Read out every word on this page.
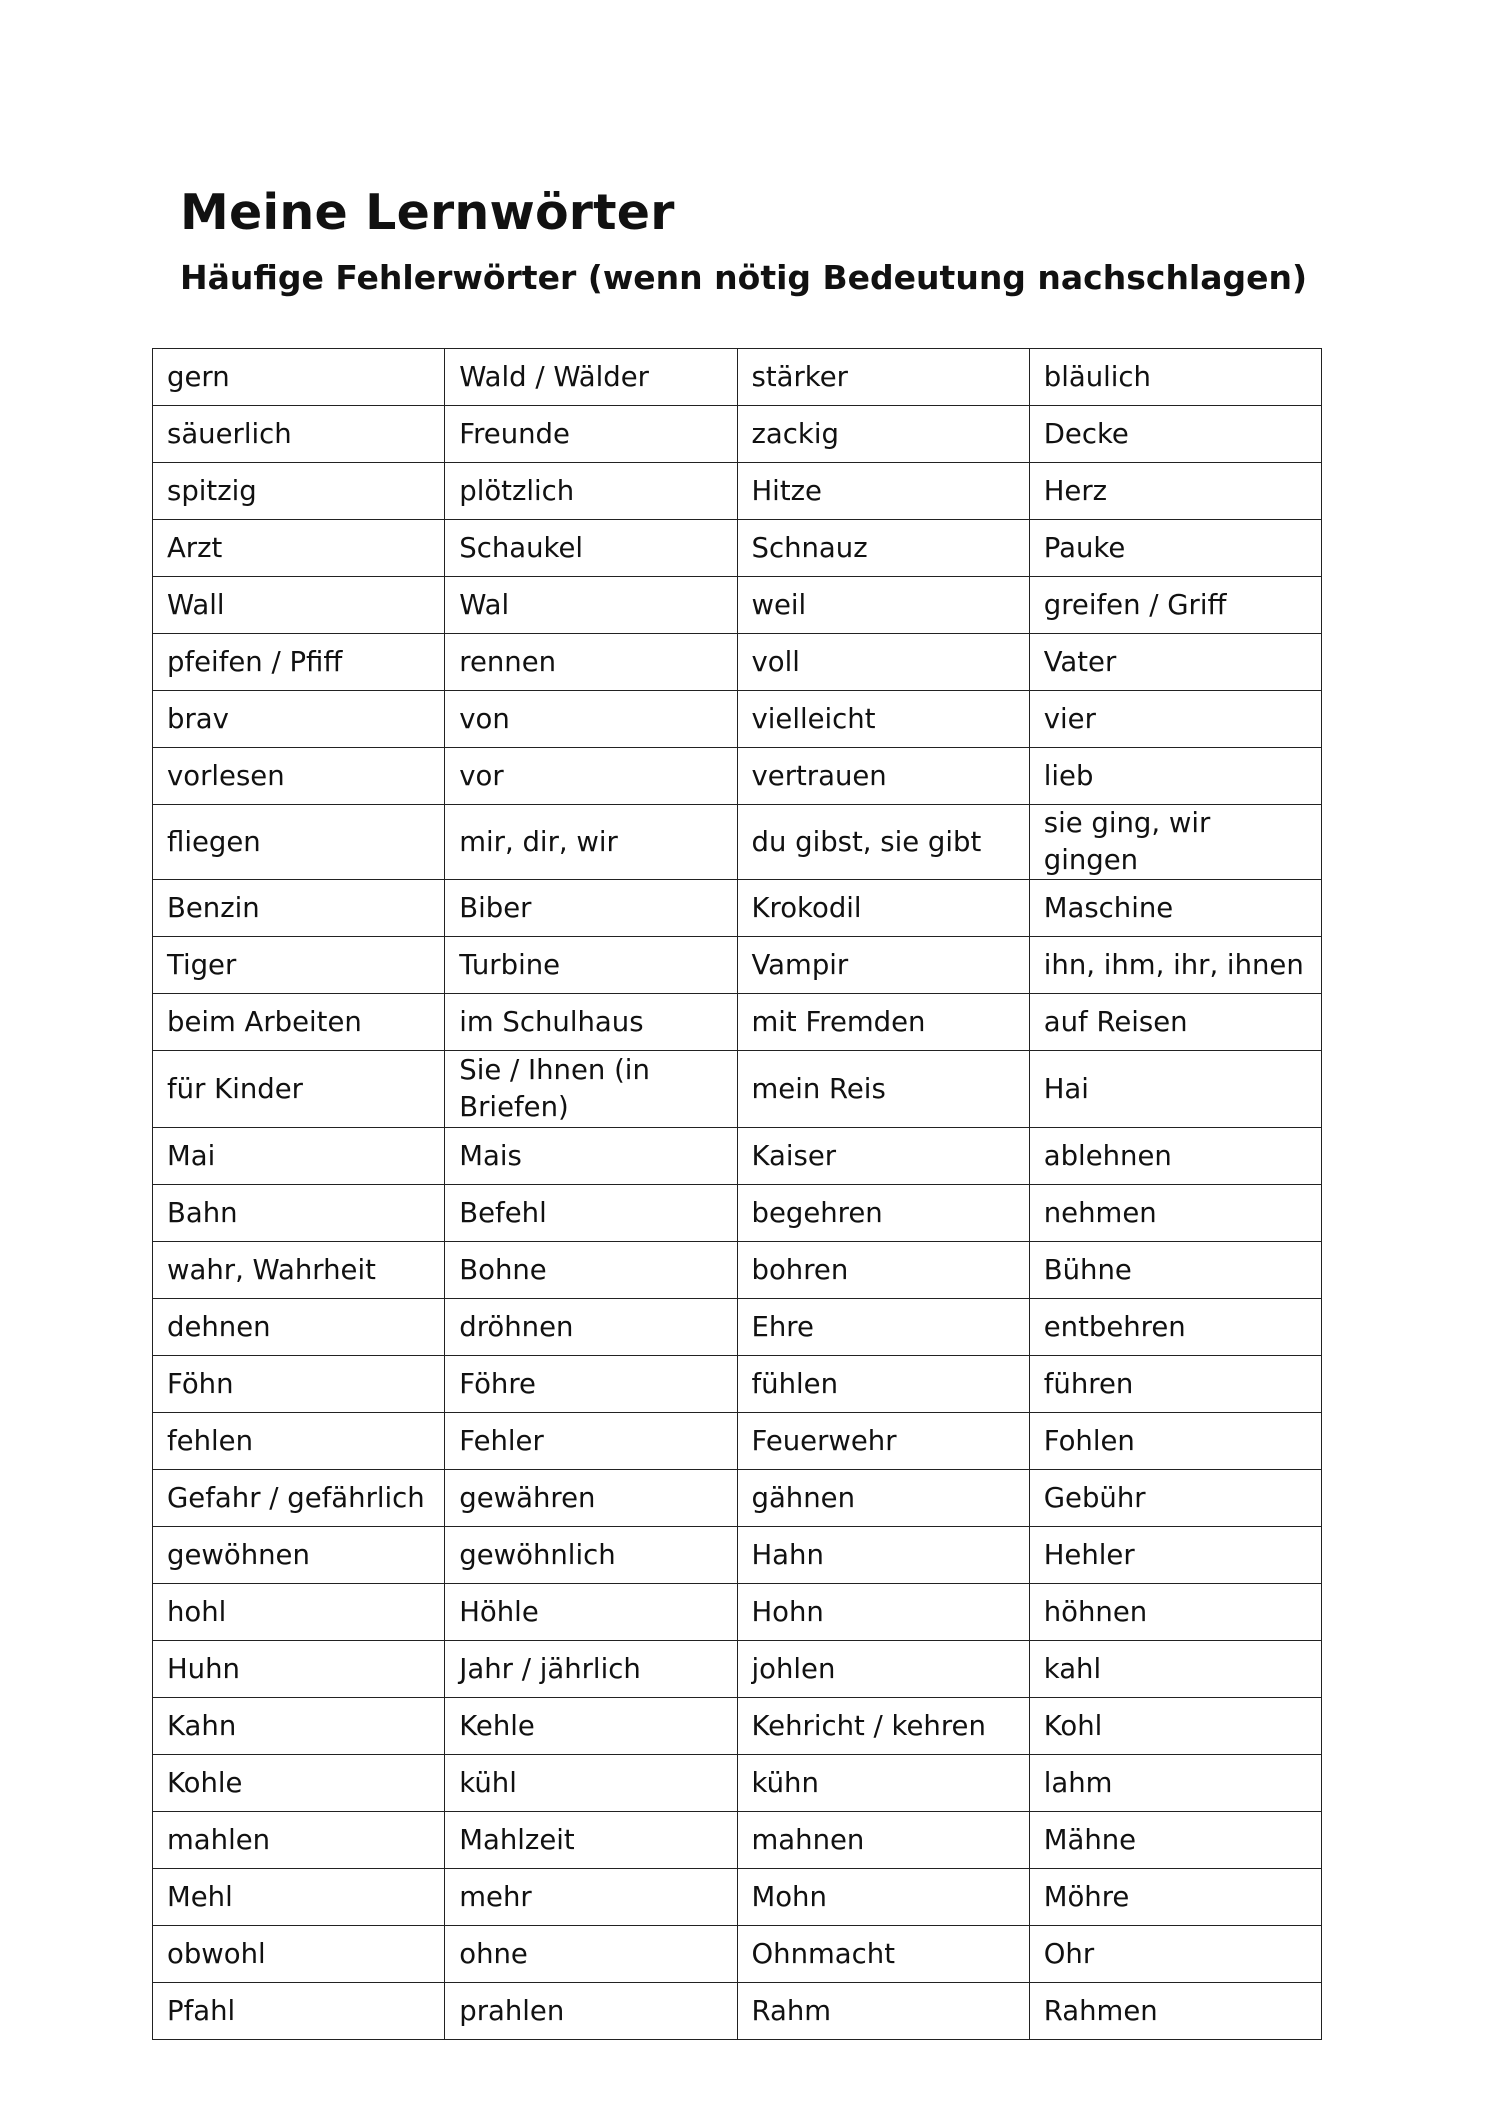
Meine Lernwörter
Häufige Fehlerwörter (wenn nötig Bedeutung nachschlagen)
gern	Wald / Wälder	stärker	bläulich
säuerlich	Freunde	zackig	Decke
spitzig	plötzlich	Hitze	Herz
Arzt	Schaukel	Schnauz	Pauke
Wall	Wal	weil	greifen / Griff
pfeifen / Pfiff	rennen	voll	Vater
brav	von	vielleicht	vier
vorlesen	vor	vertrauen	lieb
fliegen	mir, dir, wir	du gibst, sie gibt	sie ging, wir gingen
Benzin	Biber	Krokodil	Maschine
Tiger	Turbine	Vampir	ihn, ihm, ihr, ihnen
beim Arbeiten	im Schulhaus	mit Fremden	auf Reisen
für Kinder	Sie / Ihnen (in Briefen)	mein Reis	Hai
Mai	Mais	Kaiser	ablehnen
Bahn	Befehl	begehren	nehmen
wahr, Wahrheit	Bohne	bohren	Bühne
dehnen	dröhnen	Ehre	entbehren
Föhn	Föhre	fühlen	führen
fehlen	Fehler	Feuerwehr	Fohlen
Gefahr / gefährlich	gewähren	gähnen	Gebühr
gewöhnen	gewöhnlich	Hahn	Hehler
hohl	Höhle	Hohn	höhnen
Huhn	Jahr / jährlich	johlen	kahl
Kahn	Kehle	Kehricht / kehren	Kohl
Kohle	kühl	kühn	lahm
mahlen	Mahlzeit	mahnen	Mähne
Mehl	mehr	Mohn	Möhre
obwohl	ohne	Ohnmacht	Ohr
Pfahl	prahlen	Rahm	Rahmen
